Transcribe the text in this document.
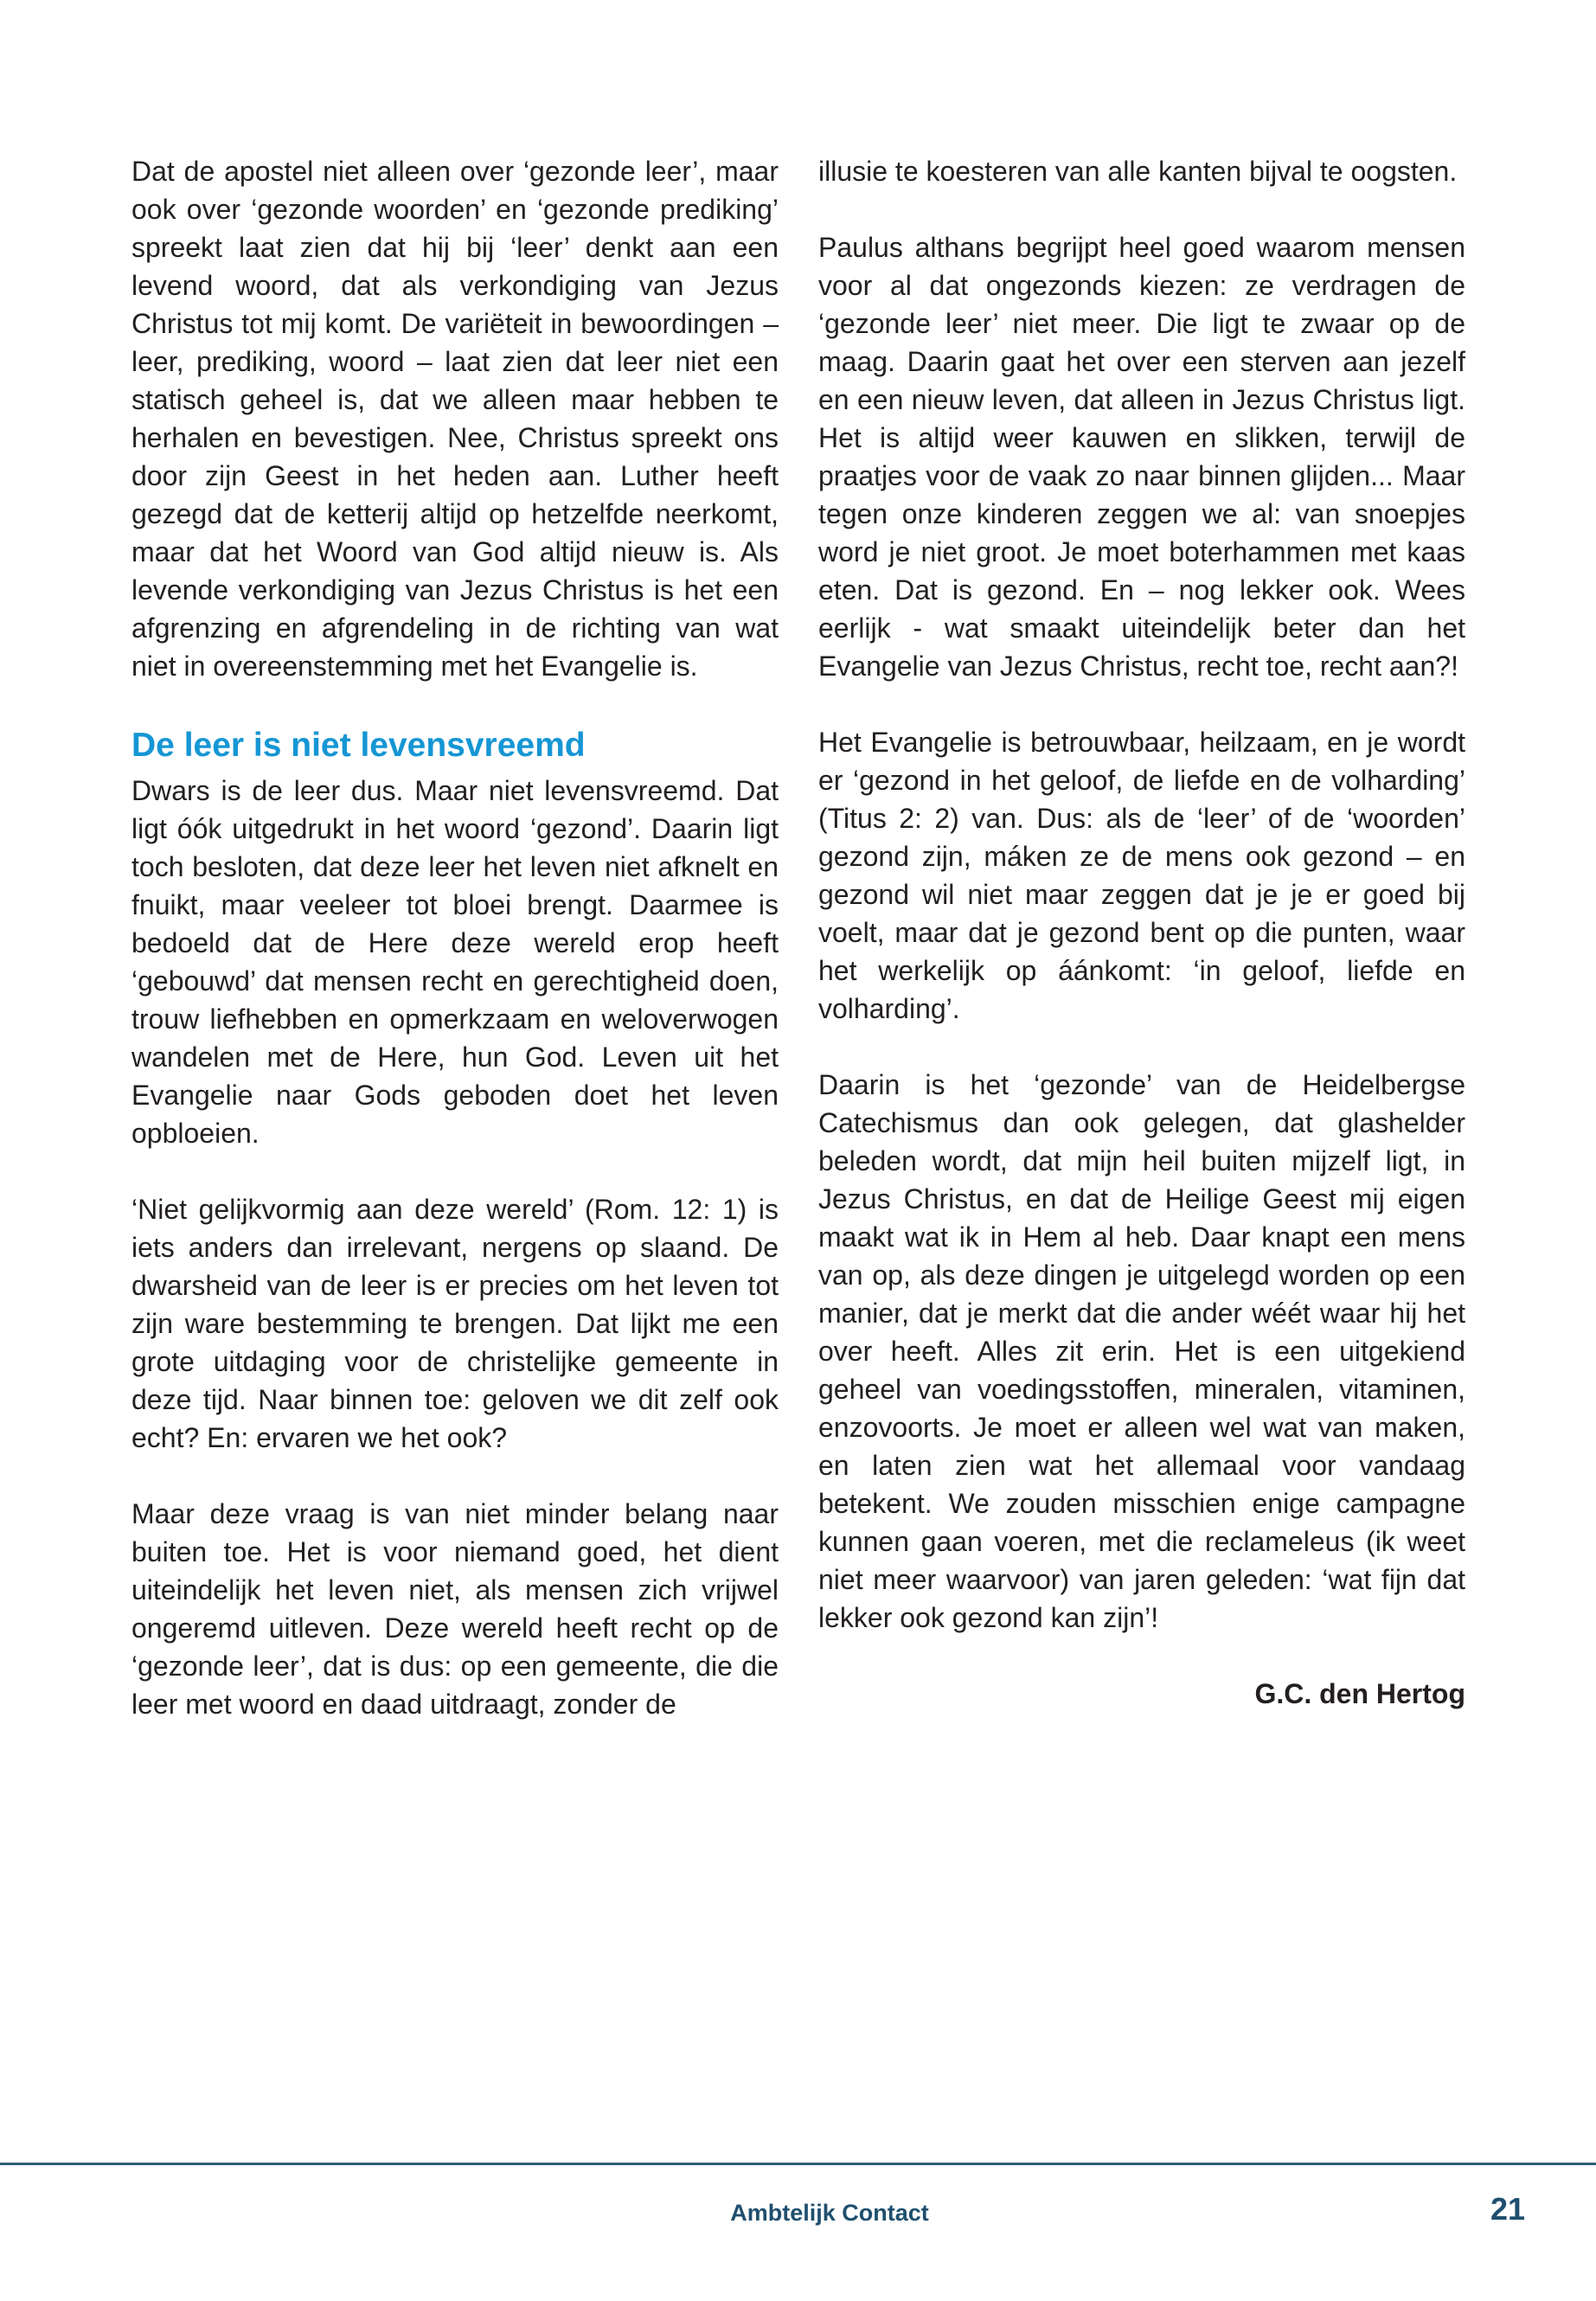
Dat de apostel niet alleen over ‘gezonde leer’, maar ook over ‘gezonde woorden’ en ‘gezonde prediking’ spreekt laat zien dat hij bij ‘leer’ denkt aan een levend woord, dat als verkondiging van Jezus Christus tot mij komt. De variëteit in bewoordingen – leer, prediking, woord – laat zien dat leer niet een statisch geheel is, dat we alleen maar hebben te herhalen en bevestigen. Nee, Christus spreekt ons door zijn Geest in het heden aan. Luther heeft gezegd dat de ketterij altijd op hetzelfde neerkomt, maar dat het Woord van God altijd nieuw is. Als levende verkondiging van Jezus Christus is het een afgrenzing en afgrendeling in de richting van wat niet in overeenstemming met het Evangelie is.

De leer is niet levensvreemd

Dwars is de leer dus. Maar niet levensvreemd. Dat ligt óók uitgedrukt in het woord ‘gezond’. Daarin ligt toch besloten, dat deze leer het leven niet afknelt en fnuikt, maar veeleer tot bloei brengt. Daarmee is bedoeld dat de Here deze wereld erop heeft ‘gebouwd’ dat mensen recht en gerechtigheid doen, trouw liefhebben en opmerkzaam en weloverwogen wandelen met de Here, hun God. Leven uit het Evangelie naar Gods geboden doet het leven opbloeien.

‘Niet gelijkvormig aan deze wereld’ (Rom. 12: 1) is iets anders dan irrelevant, nergens op slaand. De dwarsheid van de leer is er precies om het leven tot zijn ware bestemming te brengen. Dat lijkt me een grote uitdaging voor de christelijke gemeente in deze tijd. Naar binnen toe: geloven we dit zelf ook echt? En: ervaren we het ook?

Maar deze vraag is van niet minder belang naar buiten toe. Het is voor niemand goed, het dient uiteindelijk het leven niet, als mensen zich vrijwel ongeremd uitleven. Deze wereld heeft recht op de ‘gezonde leer’, dat is dus: op een gemeente, die die leer met woord en daad uitdraagt, zonder de

illusie te koesteren van alle kanten bijval te oogsten.

Paulus althans begrijpt heel goed waarom mensen voor al dat ongezonds kiezen: ze verdragen de ‘gezonde leer’ niet meer. Die ligt te zwaar op de maag. Daarin gaat het over een sterven aan jezelf en een nieuw leven, dat alleen in Jezus Christus ligt. Het is altijd weer kauwen en slikken, terwijl de praatjes voor de vaak zo naar binnen glijden... Maar tegen onze kinderen zeggen we al: van snoepjes word je niet groot. Je moet boterhammen met kaas eten. Dat is gezond. En – nog lekker ook. Wees eerlijk - wat smaakt uiteindelijk beter dan het Evangelie van Jezus Christus, recht toe, recht aan?!

Het Evangelie is betrouwbaar, heilzaam, en je wordt er ‘gezond in het geloof, de liefde en de volharding’ (Titus 2: 2) van. Dus: als de ‘leer’ of de ‘woorden’ gezond zijn, máken ze de mens ook gezond – en gezond wil niet maar zeggen dat je je er goed bij voelt, maar dat je gezond bent op die punten, waar het werkelijk op áánkomt: ‘in geloof, liefde en volharding’.

Daarin is het ‘gezonde’ van de Heidelbergse Catechismus dan ook gelegen, dat glashelder beleden wordt, dat mijn heil buiten mijzelf ligt, in Jezus Christus, en dat de Heilige Geest mij eigen maakt wat ik in Hem al heb. Daar knapt een mens van op, als deze dingen je uitgelegd worden op een manier, dat je merkt dat die ander wéét waar hij het over heeft. Alles zit erin. Het is een uitgekiend geheel van voedingsstoffen, mineralen, vitaminen, enzovoorts. Je moet er alleen wel wat van maken, en laten zien wat het allemaal voor vandaag betekent. We zouden misschien enige campagne kunnen gaan voeren, met die reclameleus (ik weet niet meer waarvoor) van jaren geleden: ‘wat fijn dat lekker ook gezond kan zijn’!

G.C. den Hertog
Ambtelijk Contact	21
